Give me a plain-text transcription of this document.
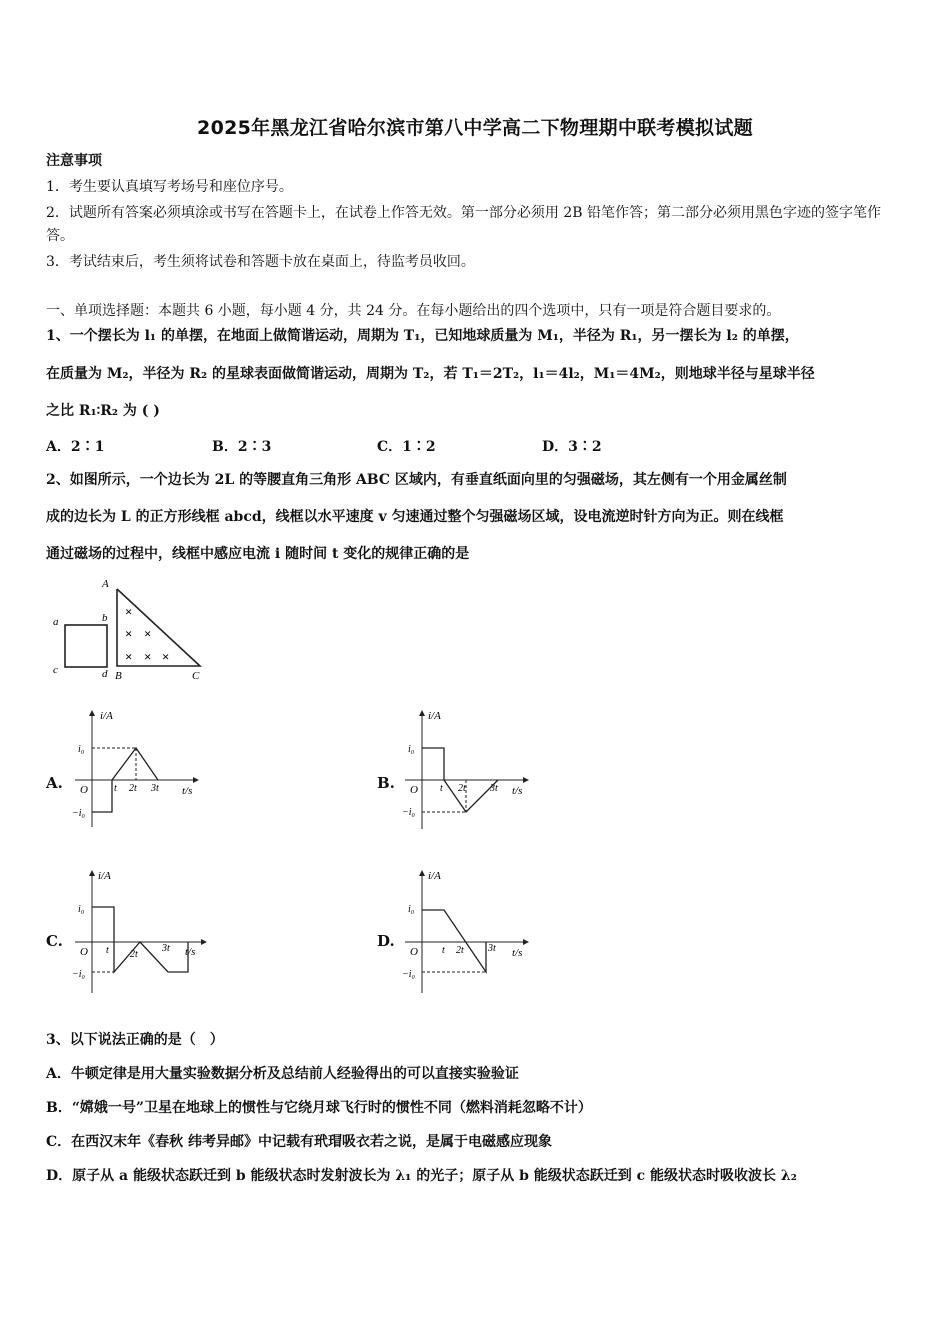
2025年黑龙江省哈尔滨市第八中学高二下物理期中联考模拟试题
注意事项
1．考生要认真填写考场号和座位序号。
2．试题所有答案必须填涂或书写在答题卡上，在试卷上作答无效。第一部分必须用 2B 铅笔作答；第二部分必须用黑色字迹的签字笔作答。
3．考试结束后，考生须将试卷和答题卡放在桌面上，待监考员收回。
一、单项选择题：本题共 6 小题，每小题 4 分，共 24 分。在每小题给出的四个选项中，只有一项是符合题目要求的。
1、一个摆长为 l₁ 的单摆，在地面上做简谐运动，周期为 T₁，已知地球质量为 M₁，半径为 R₁，另一摆长为 l₂ 的单摆，
在质量为 M₂，半径为 R₂ 的星球表面做简谐运动，周期为 T₂，若 T₁＝2T₂，l₁＝4l₂，M₁＝4M₂，则地球半径与星球半径
之比 R₁∶R₂ 为 ( )
A．2∶1	B．2∶3	C．1∶2	D．3∶2
2、如图所示，一个边长为 2L 的等腰直角三角形 ABC 区域内，有垂直纸面向里的匀强磁场，其左侧有一个用金属丝制
成的边长为 L 的正方形线框 abcd，线框以水平速度 v 匀速通过整个匀强磁场区域，设电流逆时针方向为正。则在线框
通过磁场的过程中，线框中感应电流 i 随时间 t 变化的规律正确的是
A
a	b
c	d B	C
×
× ×
× × ×
A.	B.
C.	D.
i/A
t/s
O
i₀
−i₀
t 2t 3t
i/A
t/s
O
i₀
−i₀
t 2t 3t
i/A
t/s
O
i₀
−i₀
t 2t
3t
i/A
t/s
O
i₀
−i₀
t 2t 3t
3、以下说法正确的是（　）
A．牛顿定律是用大量实验数据分析及总结前人经验得出的可以直接实验验证
B．“嫦娥一号”卫星在地球上的惯性与它绕月球飞行时的惯性不同（燃料消耗忽略不计）
C．在西汉末年《春秋 纬考异邮》中记载有玳瑁吸衣若之说，是属于电磁感应现象
D．原子从 a 能级状态跃迁到 b 能级状态时发射波长为 λ₁ 的光子；原子从 b 能级状态跃迁到 c 能级状态时吸收波长 λ₂
